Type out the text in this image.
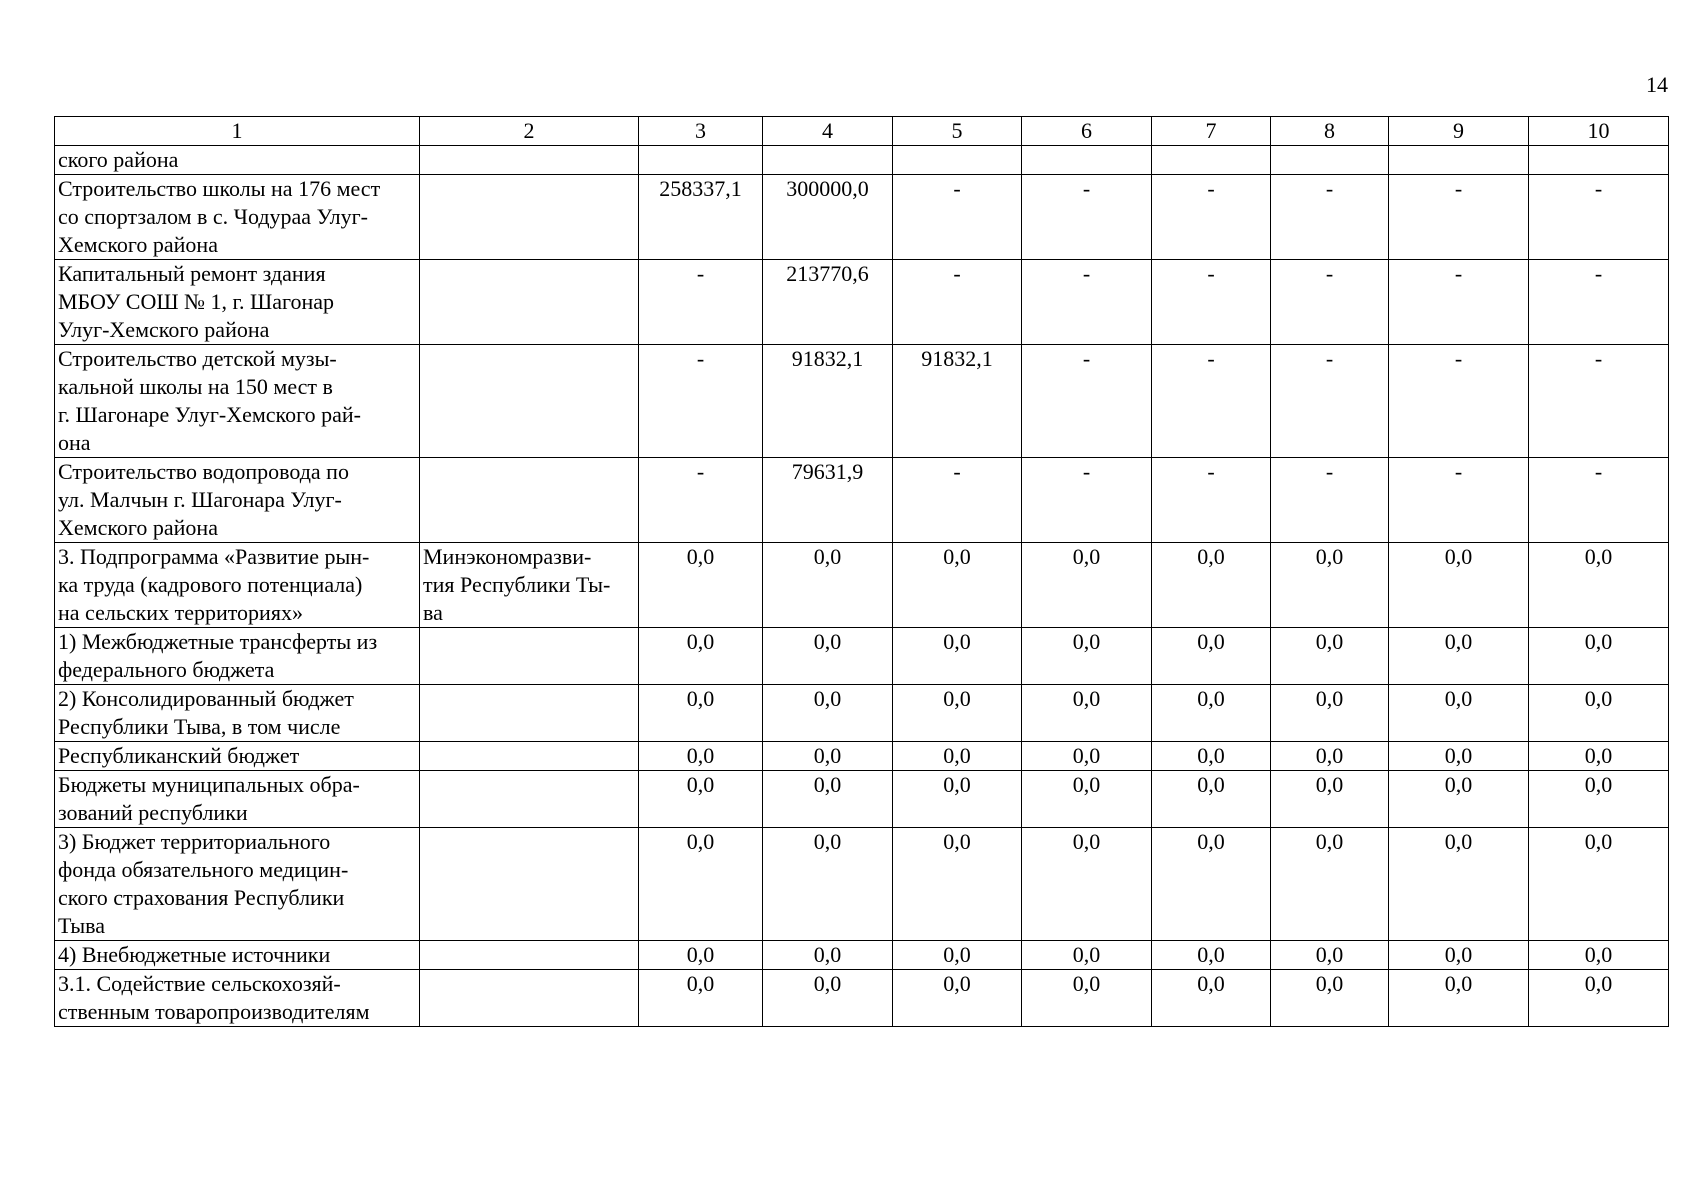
14
1	2	3	4	5	6	7	8	9	10
ского района									
Строительство школы на 176 мест
со спортзалом в с. Чодураа Улуг-
Хемского района		258337,1	300000,0	-	-	-	-	-	-
Капитальный ремонт здания
МБОУ СОШ № 1, г. Шагонар
Улуг-Хемского района		-	213770,6	-	-	-	-	-	-
Строительство детской музы-
кальной школы на 150 мест в
г. Шагонаре Улуг-Хемского рай-
она		-	91832,1	91832,1	-	-	-	-	-
Строительство водопровода по
ул. Малчын г. Шагонара Улуг-
Хемского района		-	79631,9	-	-	-	-	-	-
3. Подпрограмма «Развитие рын-
ка труда (кадрового потенциала)
на сельских территориях»	Минэкономразви-
тия Республики Ты-
ва	0,0	0,0	0,0	0,0	0,0	0,0	0,0	0,0
1) Межбюджетные трансферты из
федерального бюджета		0,0	0,0	0,0	0,0	0,0	0,0	0,0	0,0
2) Консолидированный бюджет
Республики Тыва, в том числе		0,0	0,0	0,0	0,0	0,0	0,0	0,0	0,0
Республиканский бюджет		0,0	0,0	0,0	0,0	0,0	0,0	0,0	0,0
Бюджеты муниципальных обра-
зований республики		0,0	0,0	0,0	0,0	0,0	0,0	0,0	0,0
3) Бюджет территориального
фонда обязательного медицин-
ского страхования Республики
Тыва		0,0	0,0	0,0	0,0	0,0	0,0	0,0	0,0
4) Внебюджетные источники		0,0	0,0	0,0	0,0	0,0	0,0	0,0	0,0
3.1. Содействие сельскохозяй-
ственным товаропроизводителям		0,0	0,0	0,0	0,0	0,0	0,0	0,0	0,0
